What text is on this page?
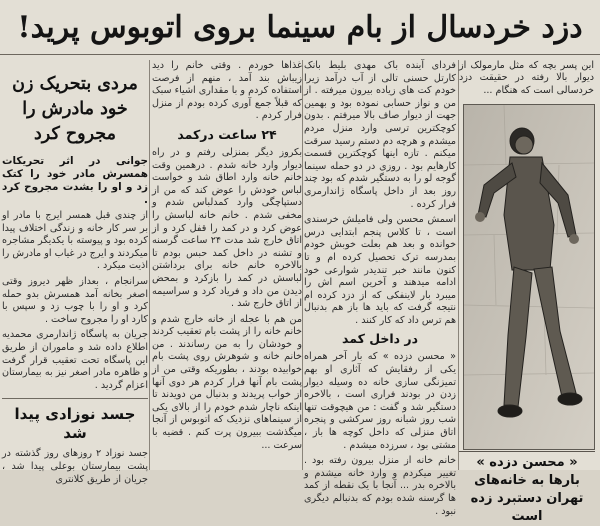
دزد خردسال از بام سینما بروی اتوبوس پرید!
مردی بتحریک زن خود مادرش را مجروح کرد

جوانی در اثر تحریکات همسرش مادر خود را کتک زد و او را بشدت مجروح کرد .

از چندی قبل همسر ایرج با مادر او بر سر کار خانه و زندگی اختلاف پیدا کرده بود و پیوسته با یکدیگر مشاجره میکردند و ایرج در غیاب او مادرش را اذیت میکرد .

سرانجام ، بعداز ظهر دیروز وقتی اصغر بخانه آمد همسرش بدو حمله کرد و او را با چوب زد و سپس با کارد او را مجروح ساخت .

جریان به پاسگاه ژاندارمری محمدیه اطلاع داده شد و ماموران از طریق این پاسگاه تحت تعقیب قرار گرفت و ظاهره مادر اصغر نیز به بیمارستان اعزام گردید .

جسد نوزادی پیدا شد

جسد نوزاد ۲ روزهای روز گذشته در پشت بیمارستان بوعلی پیدا شد ، جریان از طریق کلانتری

غذاها خوردم . وقتی خانم را دید زیباش بند آمد ، منهم از فرصت استفاده کردم و با مقداری اشیاء سبک که قبلاً جمع آوری کرده بودم از منزل فرار کردم .

۲۴ ساعت درکمد

بکروز دیگر بمنزلی رفتم و در راه دیوار وارد خانه شدم . درهمین وقت خانم خانه وارد اطاق شد و خواست لباس خودش را عوض کند که من از دستپاچگی وارد کمدلباس شدم و مخفی شدم . خانم خانه لباسش را عوض کرد و در کمد را قفل کرد و از اتاق خارج شد مدت ۲۴ ساعت گرسنه و تشنه در داخل کمد حبس بودم تا بالاخره خانم خانه برای برداشتن لباسش در کمد را بازکرد و بمحض دیدن من داد و فریاد کرد و سراسیمه از اتاق خارج شد .

من هم با عجله از خانه خارج شدم و خانم خانه را از پشت بام تعقیب کردند و خودشان را به من رساندند . من خانم خانه و شوهرش روی پشت بام خوابیده بودند ، بطوریکه وقتی من از پشت بام آنها فرار کردم هر دوی آنها از خواب پریدند و بدنبال من دویدند تا اینکه ناچار شدم خودم را از بالای یکی از سینماهای نزدیک که اتوبوس از آنجا میگذشت ببیرون پرت کنم . قضیه با سرعت ...

فردای آینده باک مهدی بلیط بانک کارتل حسنی تالی از آب درآمد زیرا خودم کت های زیاده بیرون میرفته . از من و نواز حسابی نموده بود و بهمین جهت از دیوار صاف بالا میرفتم . بدون کوچکترین ترسی وارد منزل مردم میشدم و هرچه دم دستم رسید سرقت میکنم . تازه اینها کوچکترین قسمت کارهایم بود . روزی در دو حمله سینما گوجه لو را به دستگیر شدم که بود چند روز بعد از داخل پاسگاه ژاندارمری فرار کرده .

اسمش محسن ولی فامیلش خرسندی است ، تا کلاس پنجم ابتدایی درس خوانده و بعد هم بعلت خوبش خودم بمدرسه ترک تحصیل کرده ام و تا کنون مانند خبر تندیدر شوارعی خود ادامه میدهند و آخرین اسم اش را میبرد بار لاینفکی که از دزد کرده ام نتیجه گرفت که باید ها باز هم بدنبال هم ترس داد که کار کنند .

در داخل کمد

« محسن دزده » که بار آخر همراه یکی از رفقایش که آثاری او بهم تمیزنگی سازی خانه ده وسیله دیوار زدن در بودند فراری است ، بالاخره دستگیر شد و گفت : من هیچوقت تنها شب روز شبانه روز سرکشی و پنجره اتاق منزلی که داخل کوچه ها باز ، مشتی بود ، سرزده میشدم .

خانم خانه از منزل بیرون رفته بود . تغییر میکردم و وارد خانه میشدم و بالاخره بدر ... آنجا با یک نقطه از کمد ها گرسنه شده بودم که بدنبالم دیگری نبود .

این پسر بچه که مثل مارمولک از دیوار بالا رفته در حقیقت دزد خردسالی است که هنگام ...
« محسن دزده » بارها به خانه‌های تهران دستبرد زده است
